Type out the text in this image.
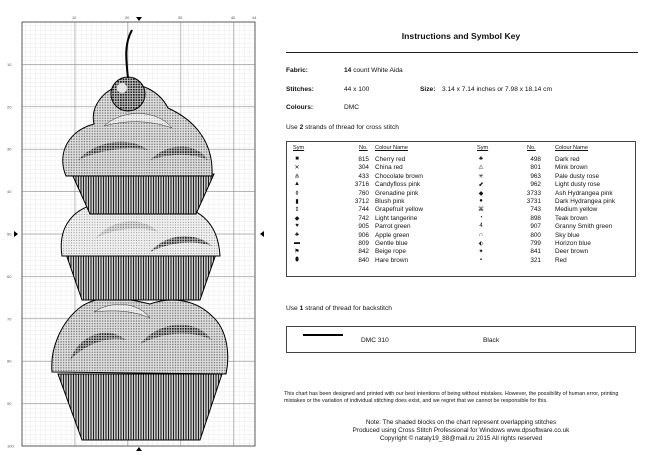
10	20	30	40	44
10
20
30
40
50
60
70
80
90
100
Instructions and Symbol Key
Fabric:	14 count White Aida
Stitches:	44 x 100	Size: 3.14 x 7.14 inches or 7.98 x 18.14 cm
Colours:	DMC
Use 2 strands of thread for cross stitch
Sym	No. Colour Name	Sym	No.	Colour Name
■	815 Cherry red	♣	498 Dark red
✕	304 China red	⚠	801 Mink brown
⋔	433 Chocolate brown	✳	963 Pale dusty rose
▲	3716 Candyfloss pink	⬋	962 Light dusty rose
⚱	760 Grenadine pink	◆	3733 Ash Hydrangea pink
▮	3712 Blush pink	●	3731 Dark Hydrangea pink
⇕	744 Grapefruit yellow	⌘	743 Medium yellow
◆	742 Light tangerine	◔	898 Teak brown
♥	905 Parrot green	4	907 Granny Smith green
♣	906 Apple green	∩	800 Sky blue
▬	809 Gentle blue	⬖	799 Horizon blue
⚑	842 Beige rope	✦	841 Deer brown
⬮	840 Hare brown	▪	321 Red
Use 1 strand of thread for backstitch
DMC 310	Black
This chart has been designed and printed with our best intentions of being without mistakes. However, the possibility of human error, printing mistakes or the variation of individual stitching does exist, and we regret that we cannot be responsible for this.
Note: The shaded blocks on the chart represent overlapping stitches
Produced using Cross Stitch Professional for Windows www.dpsoftware.co.uk
Copyright © nataly19_88@mail.ru 2015 All rights reserved
